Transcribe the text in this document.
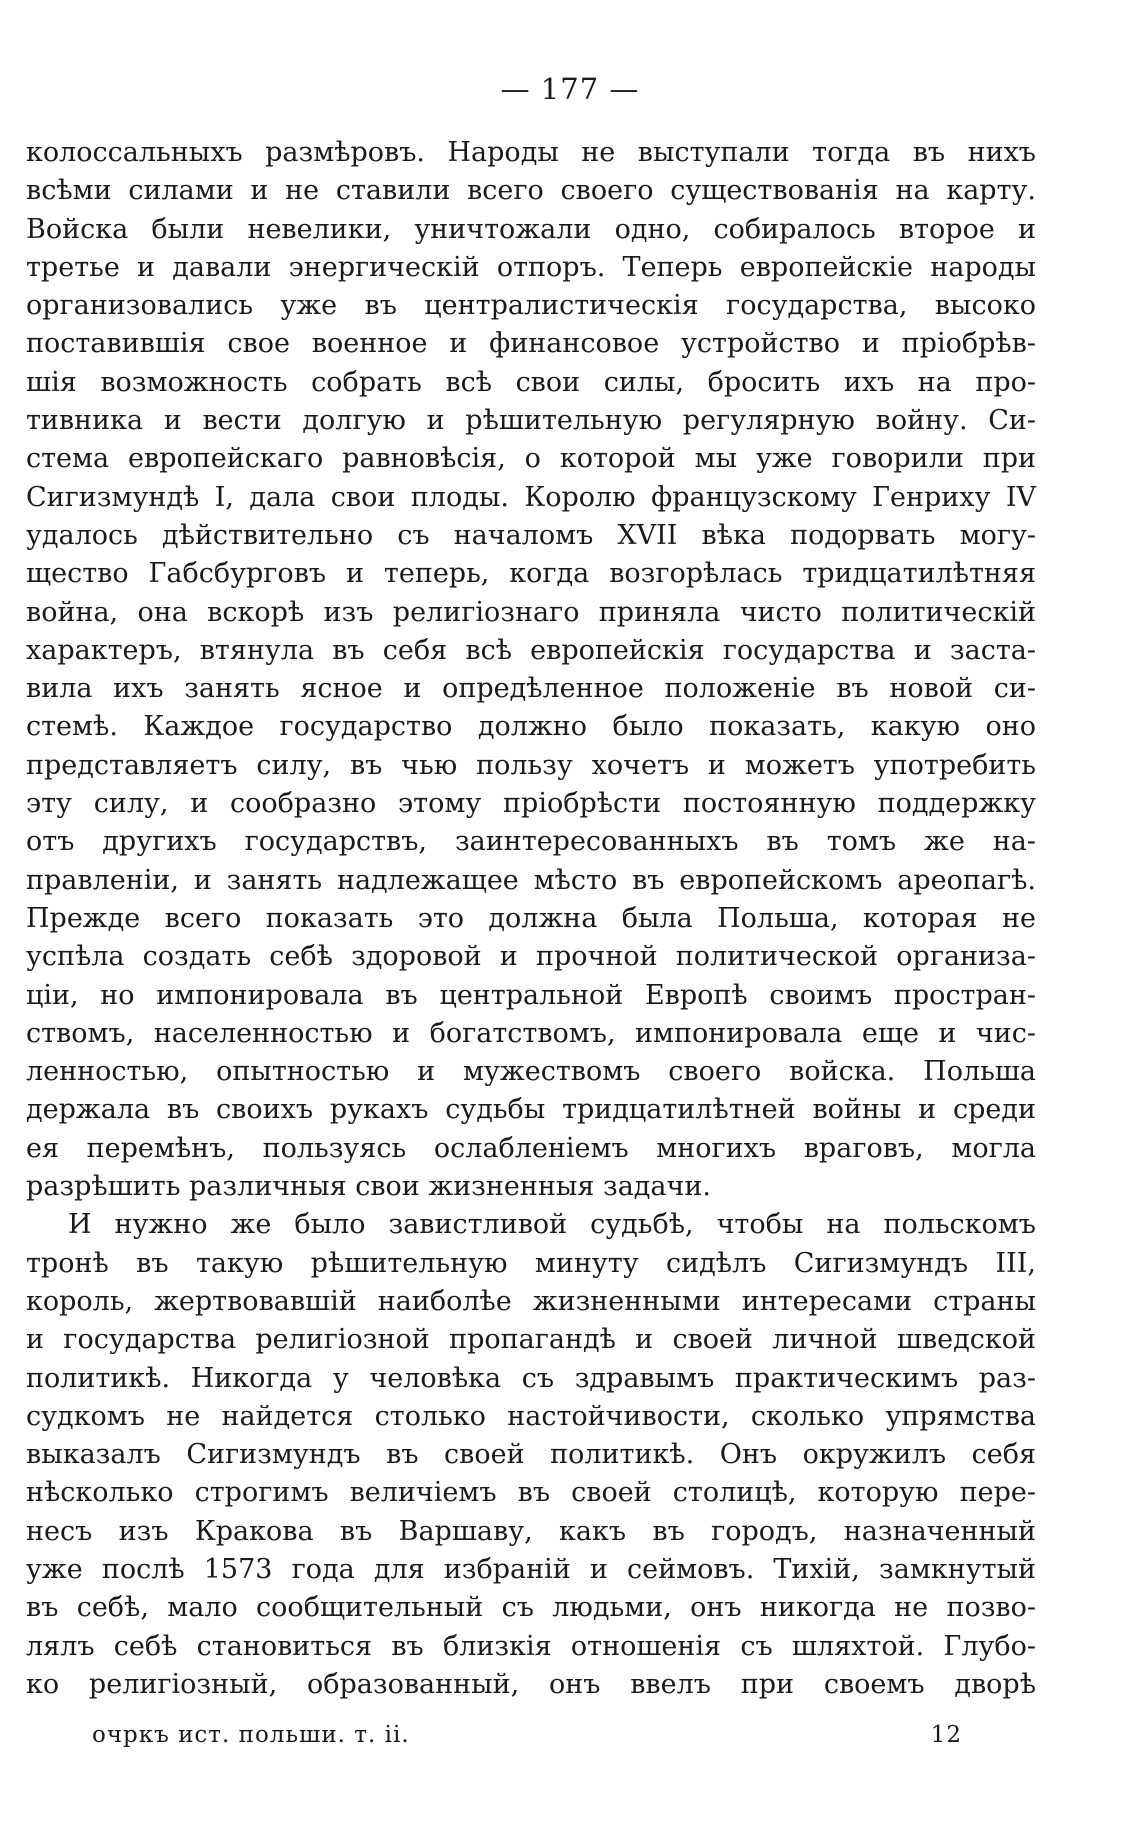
— 177 —
колоссальныхъ размѣровъ. Народы не выступали тогда въ нихъ
всѣми силами и не ставили всего своего существованія на карту.
Войска были невелики, уничтожали одно, собиралось второе и
третье и давали энергическій отпоръ. Теперь европейскіе народы
организовались уже въ централистическія государства, высоко
поставившія свое военное и финансовое устройство и пріобрѣв-
шія возможность собрать всѣ свои силы, бросить ихъ на про-
тивника и вести долгую и рѣшительную регулярную войну. Си-
стема европейскаго равновѣсія, о которой мы уже говорили при
Сигизмундѣ I, дала свои плоды. Королю французскому Генриху IV
удалось дѣйствительно съ началомъ XVII вѣка подорвать могу-
щество Габсбурговъ и теперь, когда возгорѣлась тридцатилѣтняя
война, она вскорѣ изъ религіознаго приняла чисто политическій
характеръ, втянула въ себя всѣ европейскія государства и заста-
вила ихъ занять ясное и опредѣленное положеніе въ новой си-
стемѣ. Каждое государство должно было показать, какую оно
представляетъ силу, въ чью пользу хочетъ и можетъ употребить
эту силу, и сообразно этому пріобрѣсти постоянную поддержку
отъ другихъ государствъ, заинтересованныхъ въ томъ же на-
правленіи, и занять надлежащее мѣсто въ европейскомъ ареопагѣ.
Прежде всего показать это должна была Польша, которая не
успѣла создать себѣ здоровой и прочной политической организа-
ціи, но импонировала въ центральной Европѣ своимъ простран-
ствомъ, населенностью и богатствомъ, импонировала еще и чис-
ленностью, опытностью и мужествомъ своего войска. Польша
держала въ своихъ рукахъ судьбы тридцатилѣтней войны и среди
ея перемѣнъ, пользуясь ослабленіемъ многихъ враговъ, могла
разрѣшить различныя свои жизненныя задачи.
И нужно же было завистливой судьбѣ, чтобы на польскомъ
тронѣ въ такую рѣшительную минуту сидѣлъ Сигизмундъ III,
король, жертвовавшій наиболѣе жизненными интересами страны
и государства религіозной пропагандѣ и своей личной шведской
политикѣ. Никогда у человѣка съ здравымъ практическимъ раз-
судкомъ не найдется столько настойчивости, сколько упрямства
выказалъ Сигизмундъ въ своей политикѣ. Онъ окружилъ себя
нѣсколько строгимъ величіемъ въ своей столицѣ, которую пере-
несъ изъ Кракова въ Варшаву, какъ въ городъ, назначенный
уже послѣ 1573 года для избраній и сеймовъ. Тихій, замкнутый
въ себѣ, мало сообщительный съ людьми, онъ никогда не позво-
лялъ себѣ становиться въ близкія отношенія съ шляхтой. Глубо-
ко религіозный, образованный, онъ ввелъ при своемъ дворѣ
очркъ ист. польши. т. ii.	12
